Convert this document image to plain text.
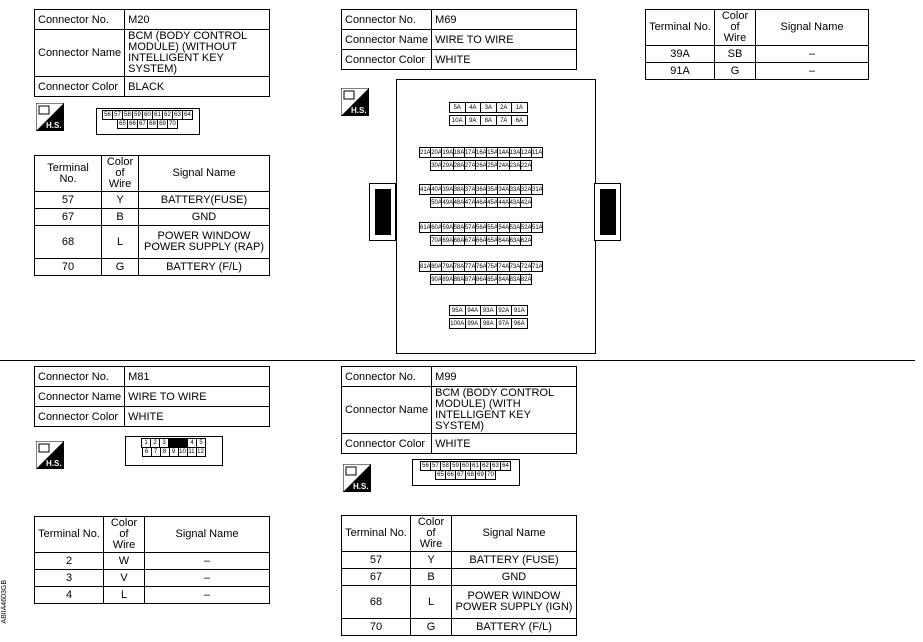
Connector No.	M20
Connector Name	BCM (BODY CONTROL MODULE) (WITHOUT INTELLIGENT KEY SYSTEM)
Connector Color	BLACK
H.S.
56 57 58 59 60 61 62 63 64
65 66 67 68 69 70
Terminal No.	Color of Wire	Signal Name
57	Y	BATTERY(FUSE)
67	B	GND
68	L	POWER WINDOW POWER SUPPLY (RAP)
70	G	BATTERY (F/L)
Connector No.	M69
Connector Name	WIRE TO WIRE
Connector Color	WHITE
H.S.	5A	4A	3A	2A	1A
10A	9A	8A	7A	6A
21A 20A 19A 18A 17A 16A 15A 14A 13A 12A 11A
30A 29A 28A 27A 26A 25A 24A 23A 22A
41A 40A 39A 38A 37A 36A 35A 34A 33A 32A 31A
50A 49A 48A 47A 46A 45A 44A 43A 42A
61A 60A 59A 58A 57A 56A 55A 54A 53A 52A 51A
70A 69A 68A 67A 66A 65A 64A 63A 62A
81A 80A 79A 78A 77A 76A 75A 74A 73A 72A 71A
90A 89A 88A 87A 86A 85A 84A 83A 82A
95A 94A 93A 92A 91A
100A 99A 98A 97A 96A
Terminal No.	Color of Wire	Signal Name
39A	SB	–
91A	G	–
Connector No.	M81
Connector Name	WIRE TO WIRE
Connector Color	WHITE
H.S.
1 2 3	4 5
6 7 8 9 10 11 12
Terminal No.	Color of Wire	Signal Name
2	W	–
3	V	–
4	L	–
Connector No.	M99
Connector Name	BCM (BODY CONTROL MODULE) (WITH INTELLIGENT KEY SYSTEM)
Connector Color	WHITE
H.S.
56 57 58 59 60 61 62 63 64
65 66 67 68 69 70
Terminal No.	Color of Wire	Signal Name
57	Y	BATTERY (FUSE)
67	B	GND
68	L	POWER WINDOW POWER SUPPLY (IGN)
70	G	BATTERY (F/L)
ABIIA4603GB
